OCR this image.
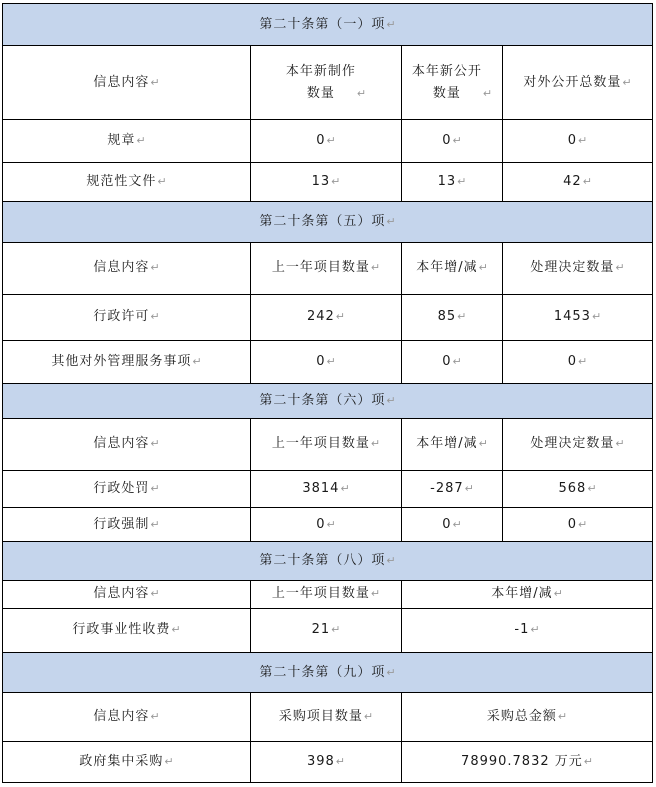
第二十条第（一）项↵			
信息内容↵	本年新制作数量 ↵	本年新公开数量 ↵	对外公开总数量↵
规章↵	0↵	0↵	0↵
规范性文件↵	13↵	13↵	42↵
第二十条第（五）项↵			
信息内容↵	上一年项目数量↵	本年增/减↵	处理决定数量↵
行政许可↵	242↵	85↵	1453↵
其他对外管理服务事项↵	0↵	0↵	0↵
第二十条第（六）项↵			
信息内容↵	上一年项目数量↵	本年增/减↵	处理决定数量↵
行政处罚↵	3814↵	-287↵	568↵
行政强制↵	0↵	0↵	0↵
第二十条第（八）项↵			
信息内容↵	上一年项目数量↵	本年增/减↵	
行政事业性收费↵	21↵	-1↵	
第二十条第（九）项↵			
信息内容↵	采购项目数量↵	采购总金额↵	
政府集中采购↵	398↵	78990.7832 万元↵	
